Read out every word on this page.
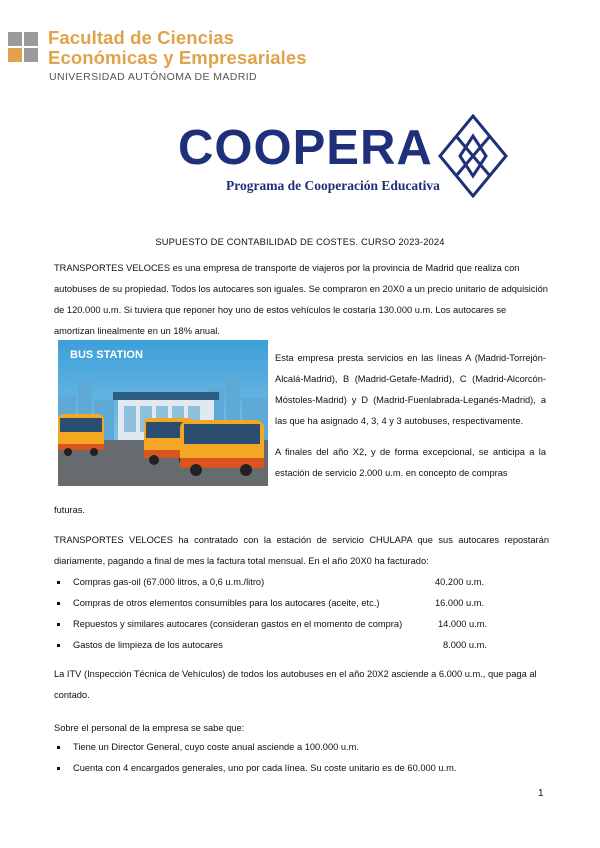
Facultad de Ciencias
Económicas y Empresariales
UNIVERSIDAD AUTÓNOMA DE MADRID
COOPERA
Programa de Cooperación Educativa
SUPUESTO DE CONTABILIDAD DE COSTES. CURSO 2023-2024
TRANSPORTES VELOCES es una empresa de transporte de viajeros por la provincia de Madrid que realiza con autobuses de su propiedad. Todos los autocares son iguales. Se compraron en 20X0 a un precio unitario de adquisición de 120.000 u.m. Si tuviera que reponer hoy uno de estos vehículos le costaría 130.000 u.m. Los autocares se amortizan linealmente en un 18% anual.
BUS STATION	Esta empresa presta servicios en las líneas A (Madrid-Torrejón-Alcalá-Madrid), B (Madrid-Getafe-Madrid), C (Madrid-Alcorcón-Móstoles-Madrid) y D (Madrid-Fuenlabrada-Leganés-Madrid), a las que ha asignado 4, 3, 4 y 3 autobuses, respectivamente.

A finales del año X2, y de forma excepcional, se anticipa a la estación de servicio 2.000 u.m. en concepto de compras

futuras.
TRANSPORTES VELOCES ha contratado con la estación de servicio CHULAPA que sus autocares repostarán diariamente, pagando a final de mes la factura total mensual. En el año 20X0 ha facturado:
Compras gas-oil (67.000 litros, a 0,6 u.m./litro)	40.200 u.m.
Compras de otros elementos consumibles para los autocares (aceite, etc.)	16.000 u.m.
Repuestos y similares autocares (consideran gastos en el momento de compra)	14.000 u.m.
Gastos de limpieza de los autocares	8.000 u.m.
La ITV (Inspección Técnica de Vehículos) de todos los autobuses en el año 20X2 asciende a 6.000 u.m., que paga al contado.
Sobre el personal de la empresa se sabe que:
Tiene un Director General, cuyo coste anual asciende a 100.000 u.m.
Cuenta con 4 encargados generales, uno por cada línea. Su coste unitario es de 60.000 u.m.
1
